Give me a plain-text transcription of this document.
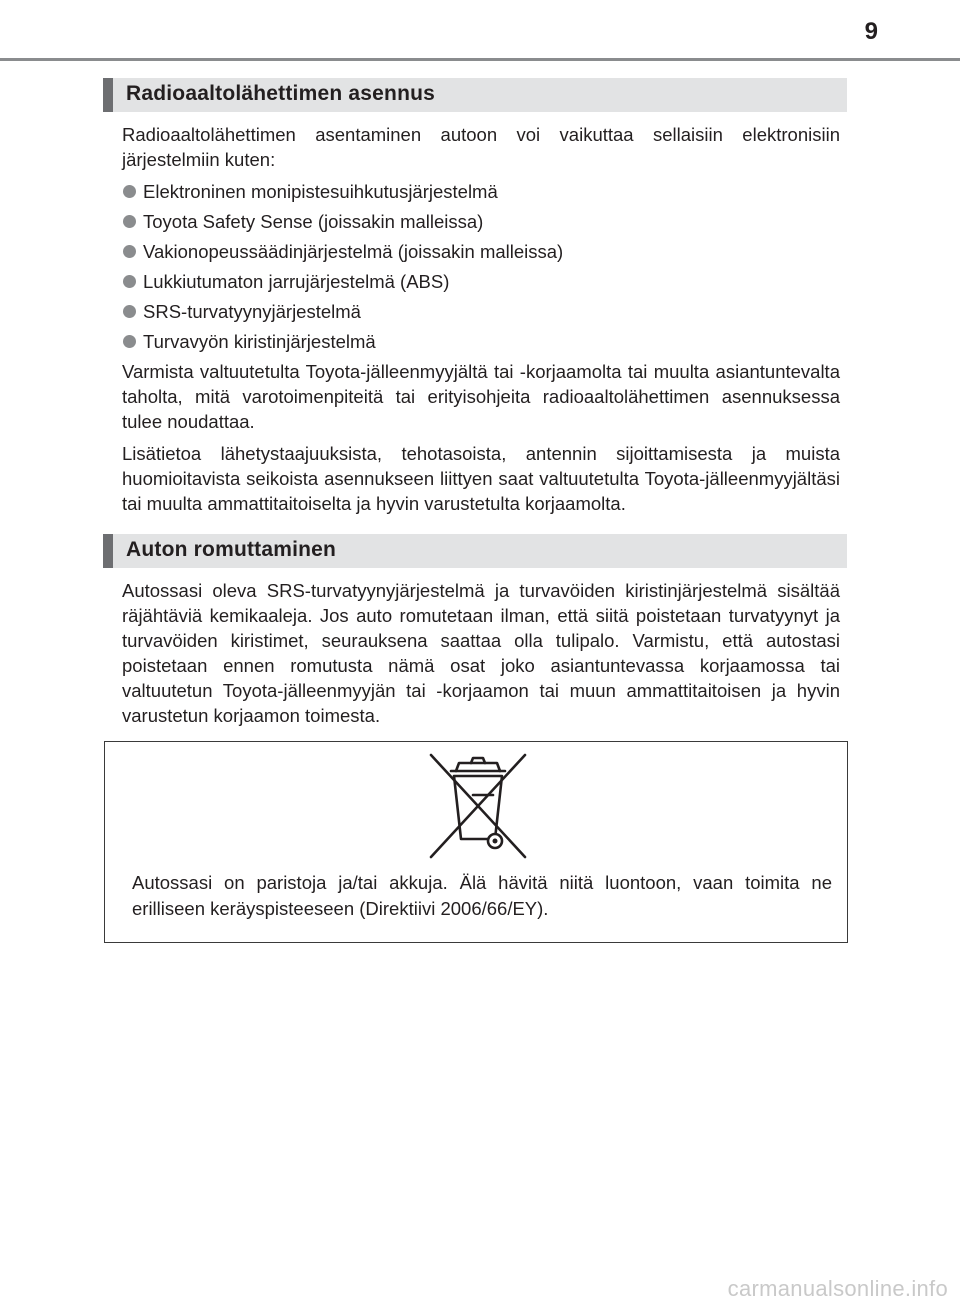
9
Radioaaltolähettimen asennus

Radioaaltolähettimen asentaminen autoon voi vaikuttaa sellaisiin elektronisiin järjestelmiin kuten:

Elektroninen monipistesuihkutusjärjestelmä
Toyota Safety Sense (joissakin malleissa)
Vakionopeussäädinjärjestelmä (joissakin malleissa)
Lukkiutumaton jarrujärjestelmä (ABS)
SRS-turvatyynyjärjestelmä
Turvavyön kiristinjärjestelmä

Varmista valtuutetulta Toyota-jälleenmyyjältä tai -korjaamolta tai muulta asiantuntevalta taholta, mitä varotoimenpiteitä tai erityisohjeita radioaaltolähettimen asennuksessa tulee noudattaa.

Lisätietoa lähetystaajuuksista, tehotasoista, antennin sijoittamisesta ja muista huomioitavista seikoista asennukseen liittyen saat valtuutetulta Toyota-jälleenmyyjältäsi tai muulta ammattitaitoiselta ja hyvin varustetulta korjaamolta.

Auton romuttaminen

Autossasi oleva SRS-turvatyynyjärjestelmä ja turvavöiden kiristinjärjestelmä sisältää räjähtäviä kemikaaleja. Jos auto romutetaan ilman, että siitä poistetaan turvatyynyt ja turvavöiden kiristimet, seurauksena saattaa olla tulipalo. Varmistu, että autostasi poistetaan ennen romutusta nämä osat joko asiantuntevassa korjaamossa tai valtuutetun Toyota-jälleenmyyjän tai -korjaamon tai muun ammattitaitoisen ja hyvin varustetun korjaamon toimesta.

Autossasi on paristoja ja/tai akkuja. Älä hävitä niitä luontoon, vaan toimita ne erilliseen keräyspisteeseen (Direktiivi 2006/66/EY).
carmanualsonline.info
